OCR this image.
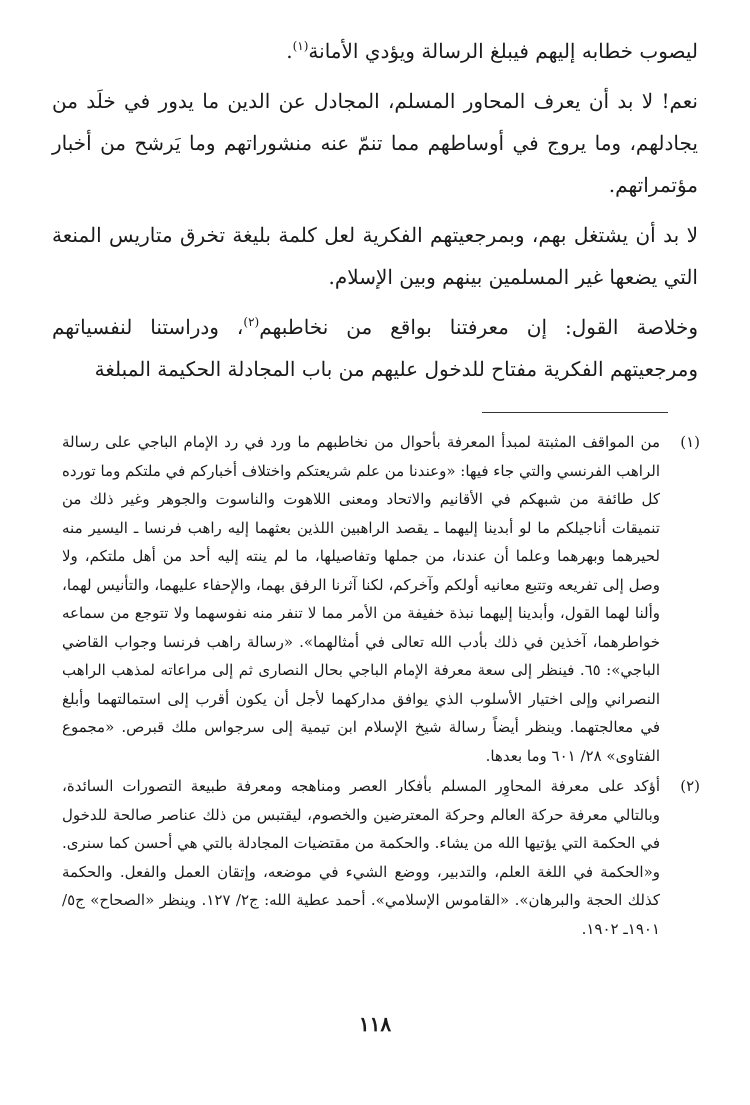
ليصوب خطابه إليهم فيبلغ الرسالة ويؤدي الأمانة$^{(١)}$.

نعم! لا بد أن يعرف المحاور المسلم، المجادل عن الدين ما يدور في خلَد من يجادلهم، وما يروج في أوساطهم مما تنمّ عنه منشوراتهم وما يَرشح من أخبار مؤتمراتهم.

لا بد أن يشتغل بهم، وبمرجعيتهم الفكرية لعل كلمة بليغة تخرق متاريس المنعة التي يضعها غير المسلمين بينهم وبين الإسلام.

وخلاصة القول: إن معرفتنا بواقع من نخاطبهم$^{(٢)}$، ودراستنا لنفسياتهم ومرجعيتهم الفكرية مفتاح للدخول عليهم من باب المجادلة الحكيمة المبلغة

(١)
من المواقف المثبتة لمبدأ المعرفة بأحوال من نخاطبهم ما ورد في رد الإمام الباجي على رسالة الراهب الفرنسي والتي جاء فيها: «وعندنا من علم شريعتكم واختلاف أخباركم في ملتكم وما تورده كل طائفة من شبهكم في الأقانيم والاتحاد ومعنى اللاهوت والناسوت والجوهر وغير ذلك من تنميقات أناجيلكم ما لو أبدينا إليهما ـ يقصد الراهبين اللذين بعثهما إليه راهب فرنسا ـ اليسير منه لحيرهما وبهرهما وعلما أن عندنا، من جملها وتفاصيلها، ما لم ينته إليه أحد من أهل ملتكم، ولا وصل إلى تفريعه وتتبع معانيه أولكم وآخركم، لكنا آثرنا الرفق بهما، والإحفاء عليهما، والتأنيس لهما، وألنا لهما القول، وأبدينا إليهما نبذة خفيفة من الأمر مما لا تنفر منه نفوسهما ولا تتوجع من سماعه خواطرهما، آخذين في ذلك بأدب الله تعالى في أمثالهما». «رسالة راهب فرنسا وجواب القاضي الباجي»: ٦٥. فينظر إلى سعة معرفة الإمام الباجي بحال النصارى ثم إلى مراعاته لمذهب الراهب النصراني وإلى اختيار الأسلوب الذي يوافق مداركهما لأجل أن يكون أقرب إلى استمالتهما وأبلغ في معالجتهما. وينظر أيضاً رسالة شيخ الإسلام ابن تيمية إلى سرجواس ملك قبرص. «مجموع الفتاوى» ٢٨/ ٦٠١ وما بعدها.
(٢)
أؤكد على معرفة المحاوِر المسلم بأفكار العصر ومناهجه ومعرفة طبيعة التصورات السائدة، وبالتالي معرفة حركة العالم وحركة المعترضين والخصوم، ليقتبس من ذلك عناصر صالحة للدخول في الحكمة التي يؤتيها الله من يشاء. والحكمة من مقتضيات المجادلة بالتي هي أحسن كما سنرى. و«الحكمة في اللغة العلم، والتدبير، ووضع الشيء في موضعه، وإتقان العمل والفعل. والحكمة كذلك الحجة والبرهان». «القاموس الإسلامي». أحمد عطية الله: ج٢/ ١٢٧. وينظر «الصحاح» ج٥/ ١٩٠١ـ ١٩٠٢.
١١٨
